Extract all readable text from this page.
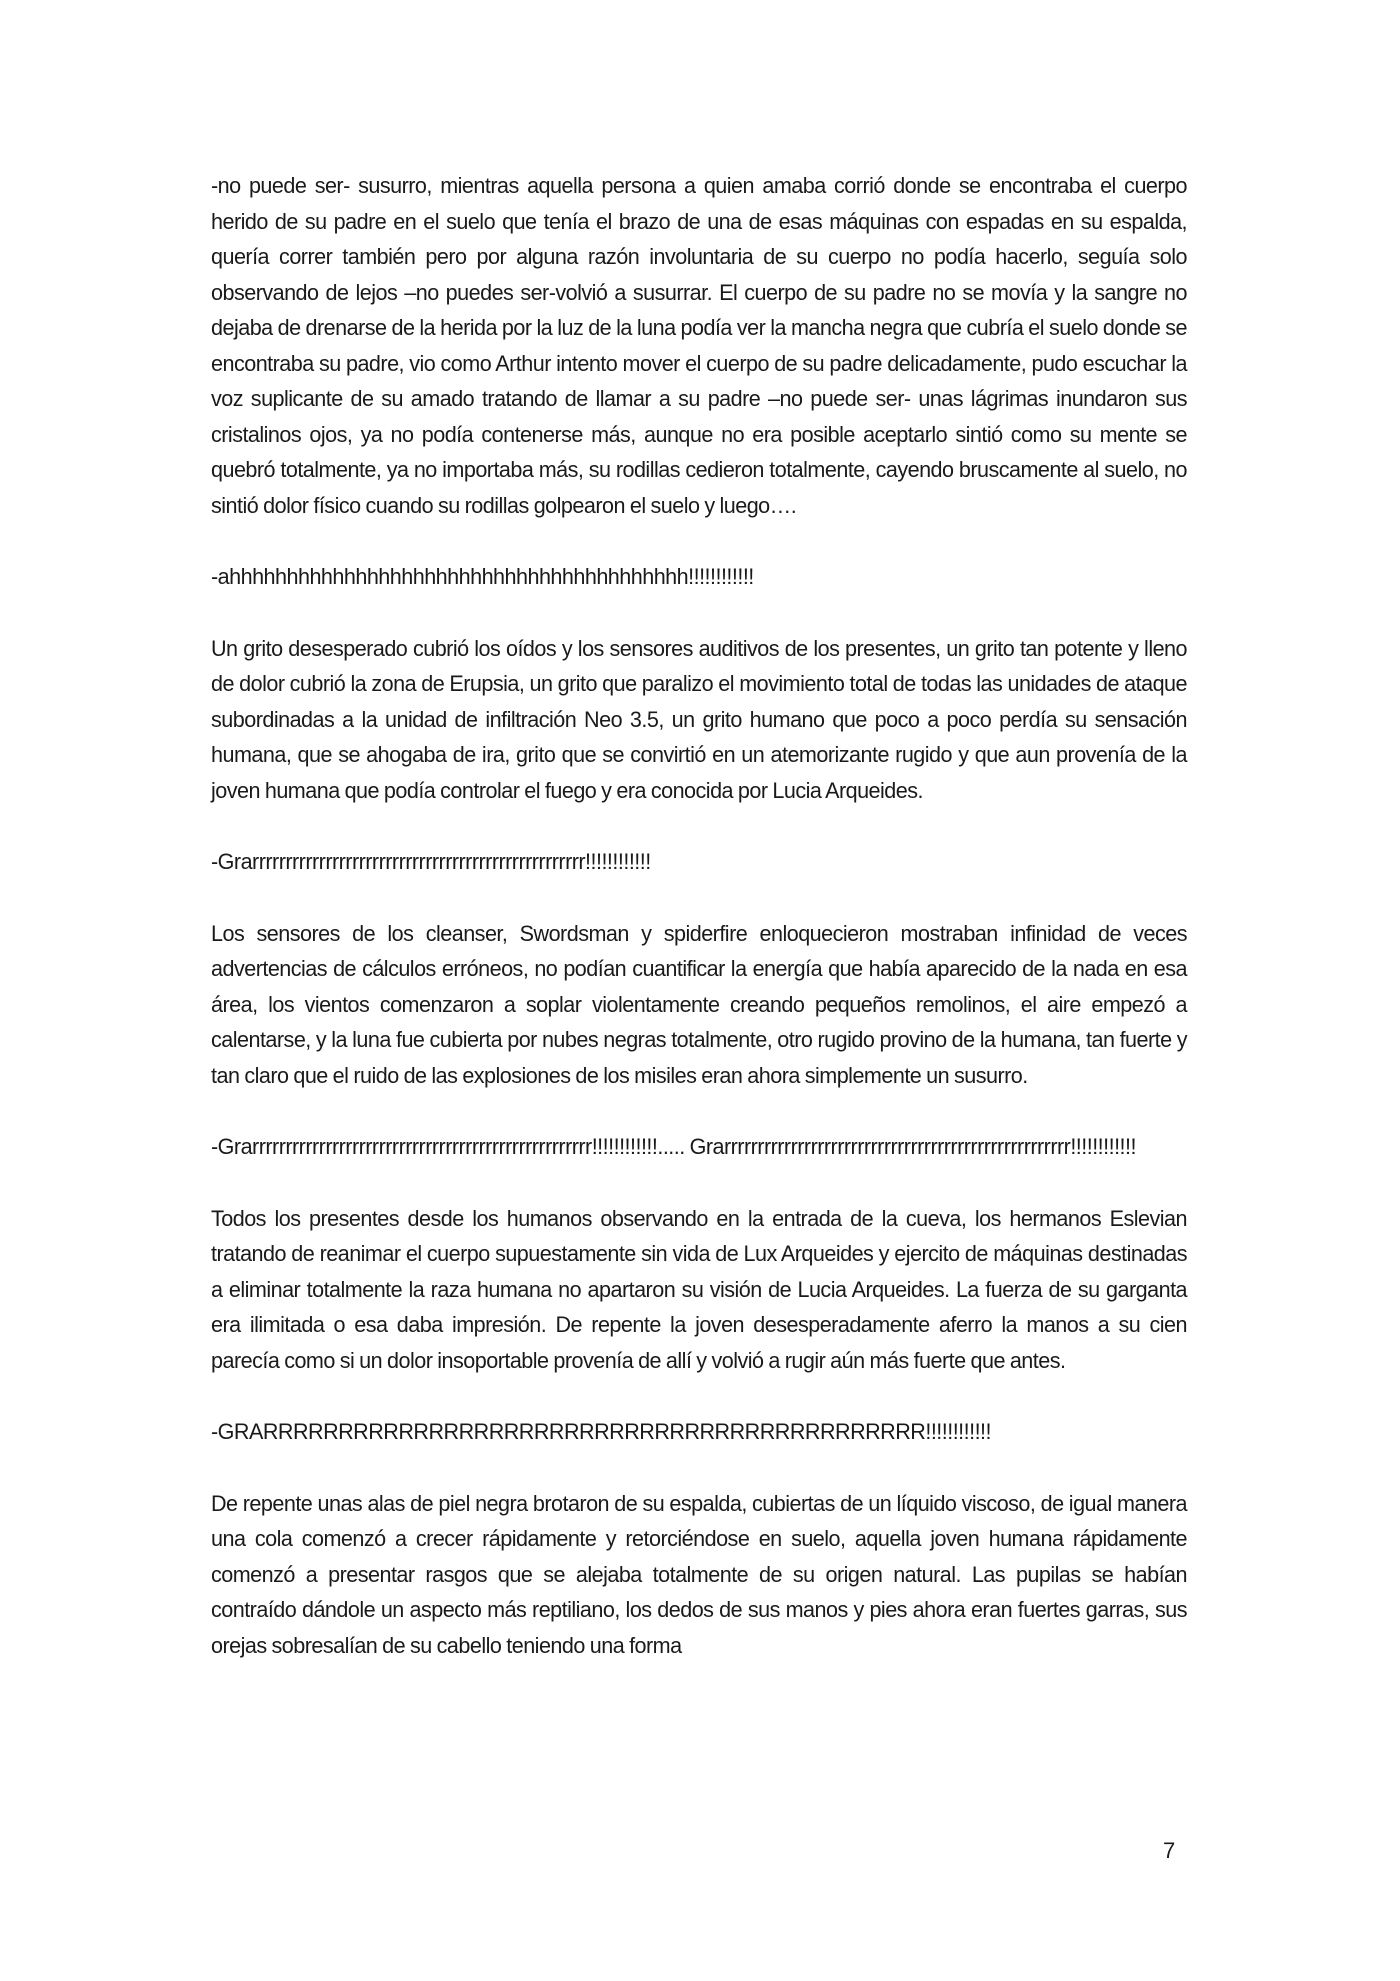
-no puede ser- susurro, mientras aquella persona a quien amaba corrió donde se encontraba el cuerpo herido de su padre en el suelo que tenía el brazo de una de esas máquinas con espadas en su espalda, quería correr también pero por alguna razón involuntaria de su cuerpo no podía hacerlo, seguía solo observando de lejos –no puedes ser-volvió a susurrar. El cuerpo de su padre no se movía y la sangre no dejaba de drenarse de la herida por la luz de la luna podía ver la mancha negra que cubría el suelo donde se encontraba su padre, vio como Arthur intento mover el cuerpo de su padre delicadamente, pudo escuchar la voz suplicante de su amado tratando de llamar a su padre –no puede ser- unas lágrimas inundaron sus cristalinos ojos, ya no podía contenerse más, aunque no era posible aceptarlo sintió como su mente se quebró totalmente, ya no importaba más, su rodillas cedieron totalmente, cayendo bruscamente al suelo, no sintió dolor físico cuando su rodillas golpearon el suelo y luego….

-ahhhhhhhhhhhhhhhhhhhhhhhhhhhhhhhhhhhhhhhh!!!!!!!!!!!!

Un grito desesperado cubrió los oídos y los sensores auditivos de los presentes, un grito tan potente y lleno de dolor cubrió la zona de Erupsia, un grito que paralizo el movimiento total de todas las unidades de ataque subordinadas a la unidad de infiltración Neo 3.5, un grito humano que poco a poco perdía su sensación humana, que se ahogaba de ira, grito que se convirtió en un atemorizante rugido y que aun provenía de la joven humana que podía controlar el fuego y era conocida por Lucia Arqueides.

-Grarrrrrrrrrrrrrrrrrrrrrrrrrrrrrrrrrrrrrrrrrrrrrrrrrr!!!!!!!!!!!!

Los sensores de los cleanser, Swordsman y spiderfire enloquecieron mostraban infinidad de veces advertencias de cálculos erróneos, no podían cuantificar la energía que había aparecido de la nada en esa área, los vientos comenzaron a soplar violentamente creando pequeños remolinos, el aire empezó a calentarse, y la luna fue cubierta por nubes negras totalmente, otro rugido provino de la humana, tan fuerte y tan claro que el ruido de las explosiones de los misiles eran ahora simplemente un susurro.

-Grarrrrrrrrrrrrrrrrrrrrrrrrrrrrrrrrrrrrrrrrrrrrrrrrrrr!!!!!!!!!!!!..... Grarrrrrrrrrrrrrrrrrrrrrrrrrrrrrrrrrrrrrrrrrrrrrrrrrrrr!!!!!!!!!!!!

Todos los presentes desde los humanos observando en la entrada de la cueva, los hermanos Eslevian tratando de reanimar el cuerpo supuestamente sin vida de Lux Arqueides y ejercito de máquinas destinadas a eliminar totalmente la raza humana no apartaron su visión de Lucia Arqueides. La fuerza de su garganta era ilimitada o esa daba impresión. De repente la joven desesperadamente aferro la manos a su cien parecía como si un dolor insoportable provenía de allí y volvió a rugir aún más fuerte que antes.

-GRARRRRRRRRRRRRRRRRRRRRRRRRRRRRRRRRRRRRRRRRRRRR!!!!!!!!!!!!

De repente unas alas de piel negra brotaron de su espalda, cubiertas de un líquido viscoso, de igual manera una cola comenzó a crecer rápidamente y retorciéndose en suelo, aquella joven humana rápidamente comenzó a presentar rasgos que se alejaba totalmente de su origen natural. Las pupilas se habían contraído dándole un aspecto más reptiliano, los dedos de sus manos y pies ahora eran fuertes garras, sus orejas sobresalían de su cabello teniendo una forma

7
